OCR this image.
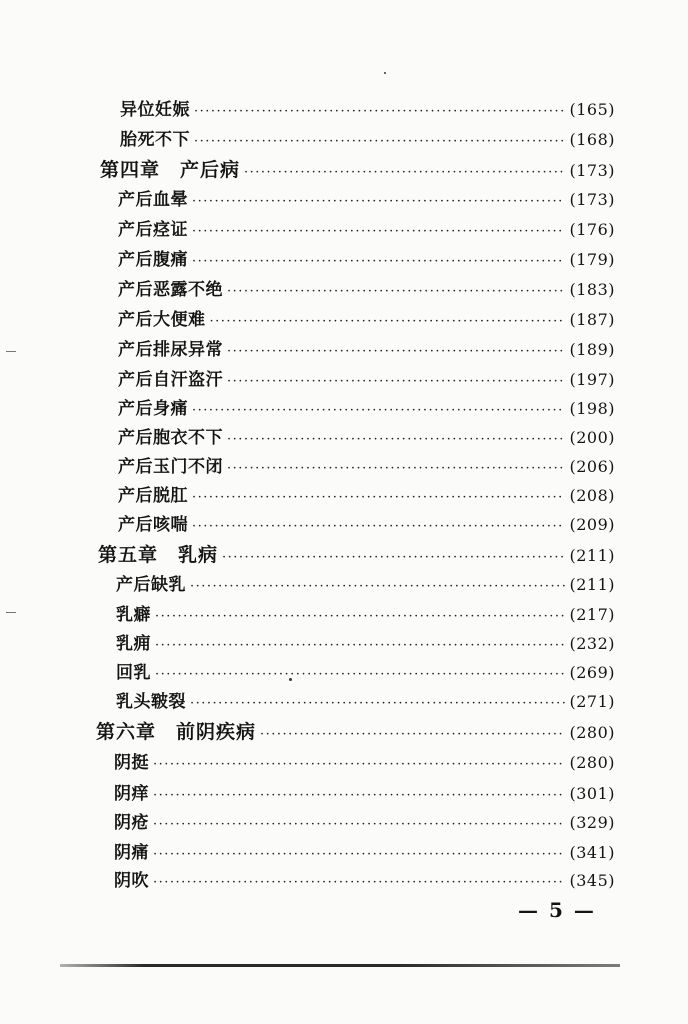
异位妊娠 ·····	(165)
胎死不下 ·····	(168)
第四章　产后病 ·····	(173)
产后血晕 ·····	(173)
产后痉证 ·····	(176)
产后腹痛 ·····	(179)
产后恶露不绝 ·····	(183)
产后大便难 ·····	(187)
产后排尿异常 ·····	(189)
产后自汗盗汗 ·····	(197)
产后身痛 ·····	(198)
产后胞衣不下 ·····	(200)
产后玉门不闭 ·····	(206)
产后脱肛 ·····	(208)
产后咳喘 ·····	(209)
第五章　乳病 ·····	(211)
产后缺乳 ·····	(211)
乳癖 ·····	(217)
乳痈 ·····	(232)
回乳 ·····	(269)
乳头皲裂 ·····	(271)
第六章　前阴疾病 ·····	(280)
阴挺 ·····	(280)
阴痒 ·····	(301)
阴疮 ·····	(329)
阴痛 ·····	(341)
阴吹 ·····	(345)
— 5 —
